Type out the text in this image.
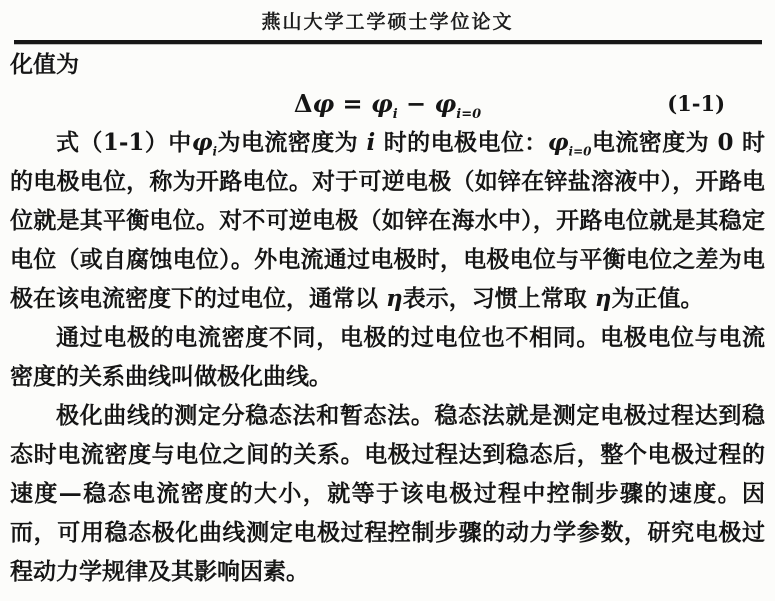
燕山大学工学硕士学位论文
化值为
$\Delta\varphi = \varphi_i - \varphi_{i=0}$	(1-1)

式（1-1）中$\varphi_i$为电流密度为 i 时的电极电位：$\varphi_{i=0}$电流密度为 0 时的电极电位，称为开路电位。对于可逆电极（如锌在锌盐溶液中），开路电位就是其平衡电位。对不可逆电极（如锌在海水中），开路电位就是其稳定电位（或自腐蚀电位）。外电流通过电极时，电极电位与平衡电位之差为电极在该电流密度下的过电位，通常以 η表示，习惯上常取 η为正值。

通过电极的电流密度不同，电极的过电位也不相同。电极电位与电流密度的关系曲线叫做极化曲线。

极化曲线的测定分稳态法和暂态法。稳态法就是测定电极过程达到稳态时电流密度与电位之间的关系。电极过程达到稳态后，整个电极过程的速度—稳态电流密度的大小，就等于该电极过程中控制步骤的速度。因而，可用稳态极化曲线测定电极过程控制步骤的动力学参数，研究电极过程动力学规律及其影响因素。
